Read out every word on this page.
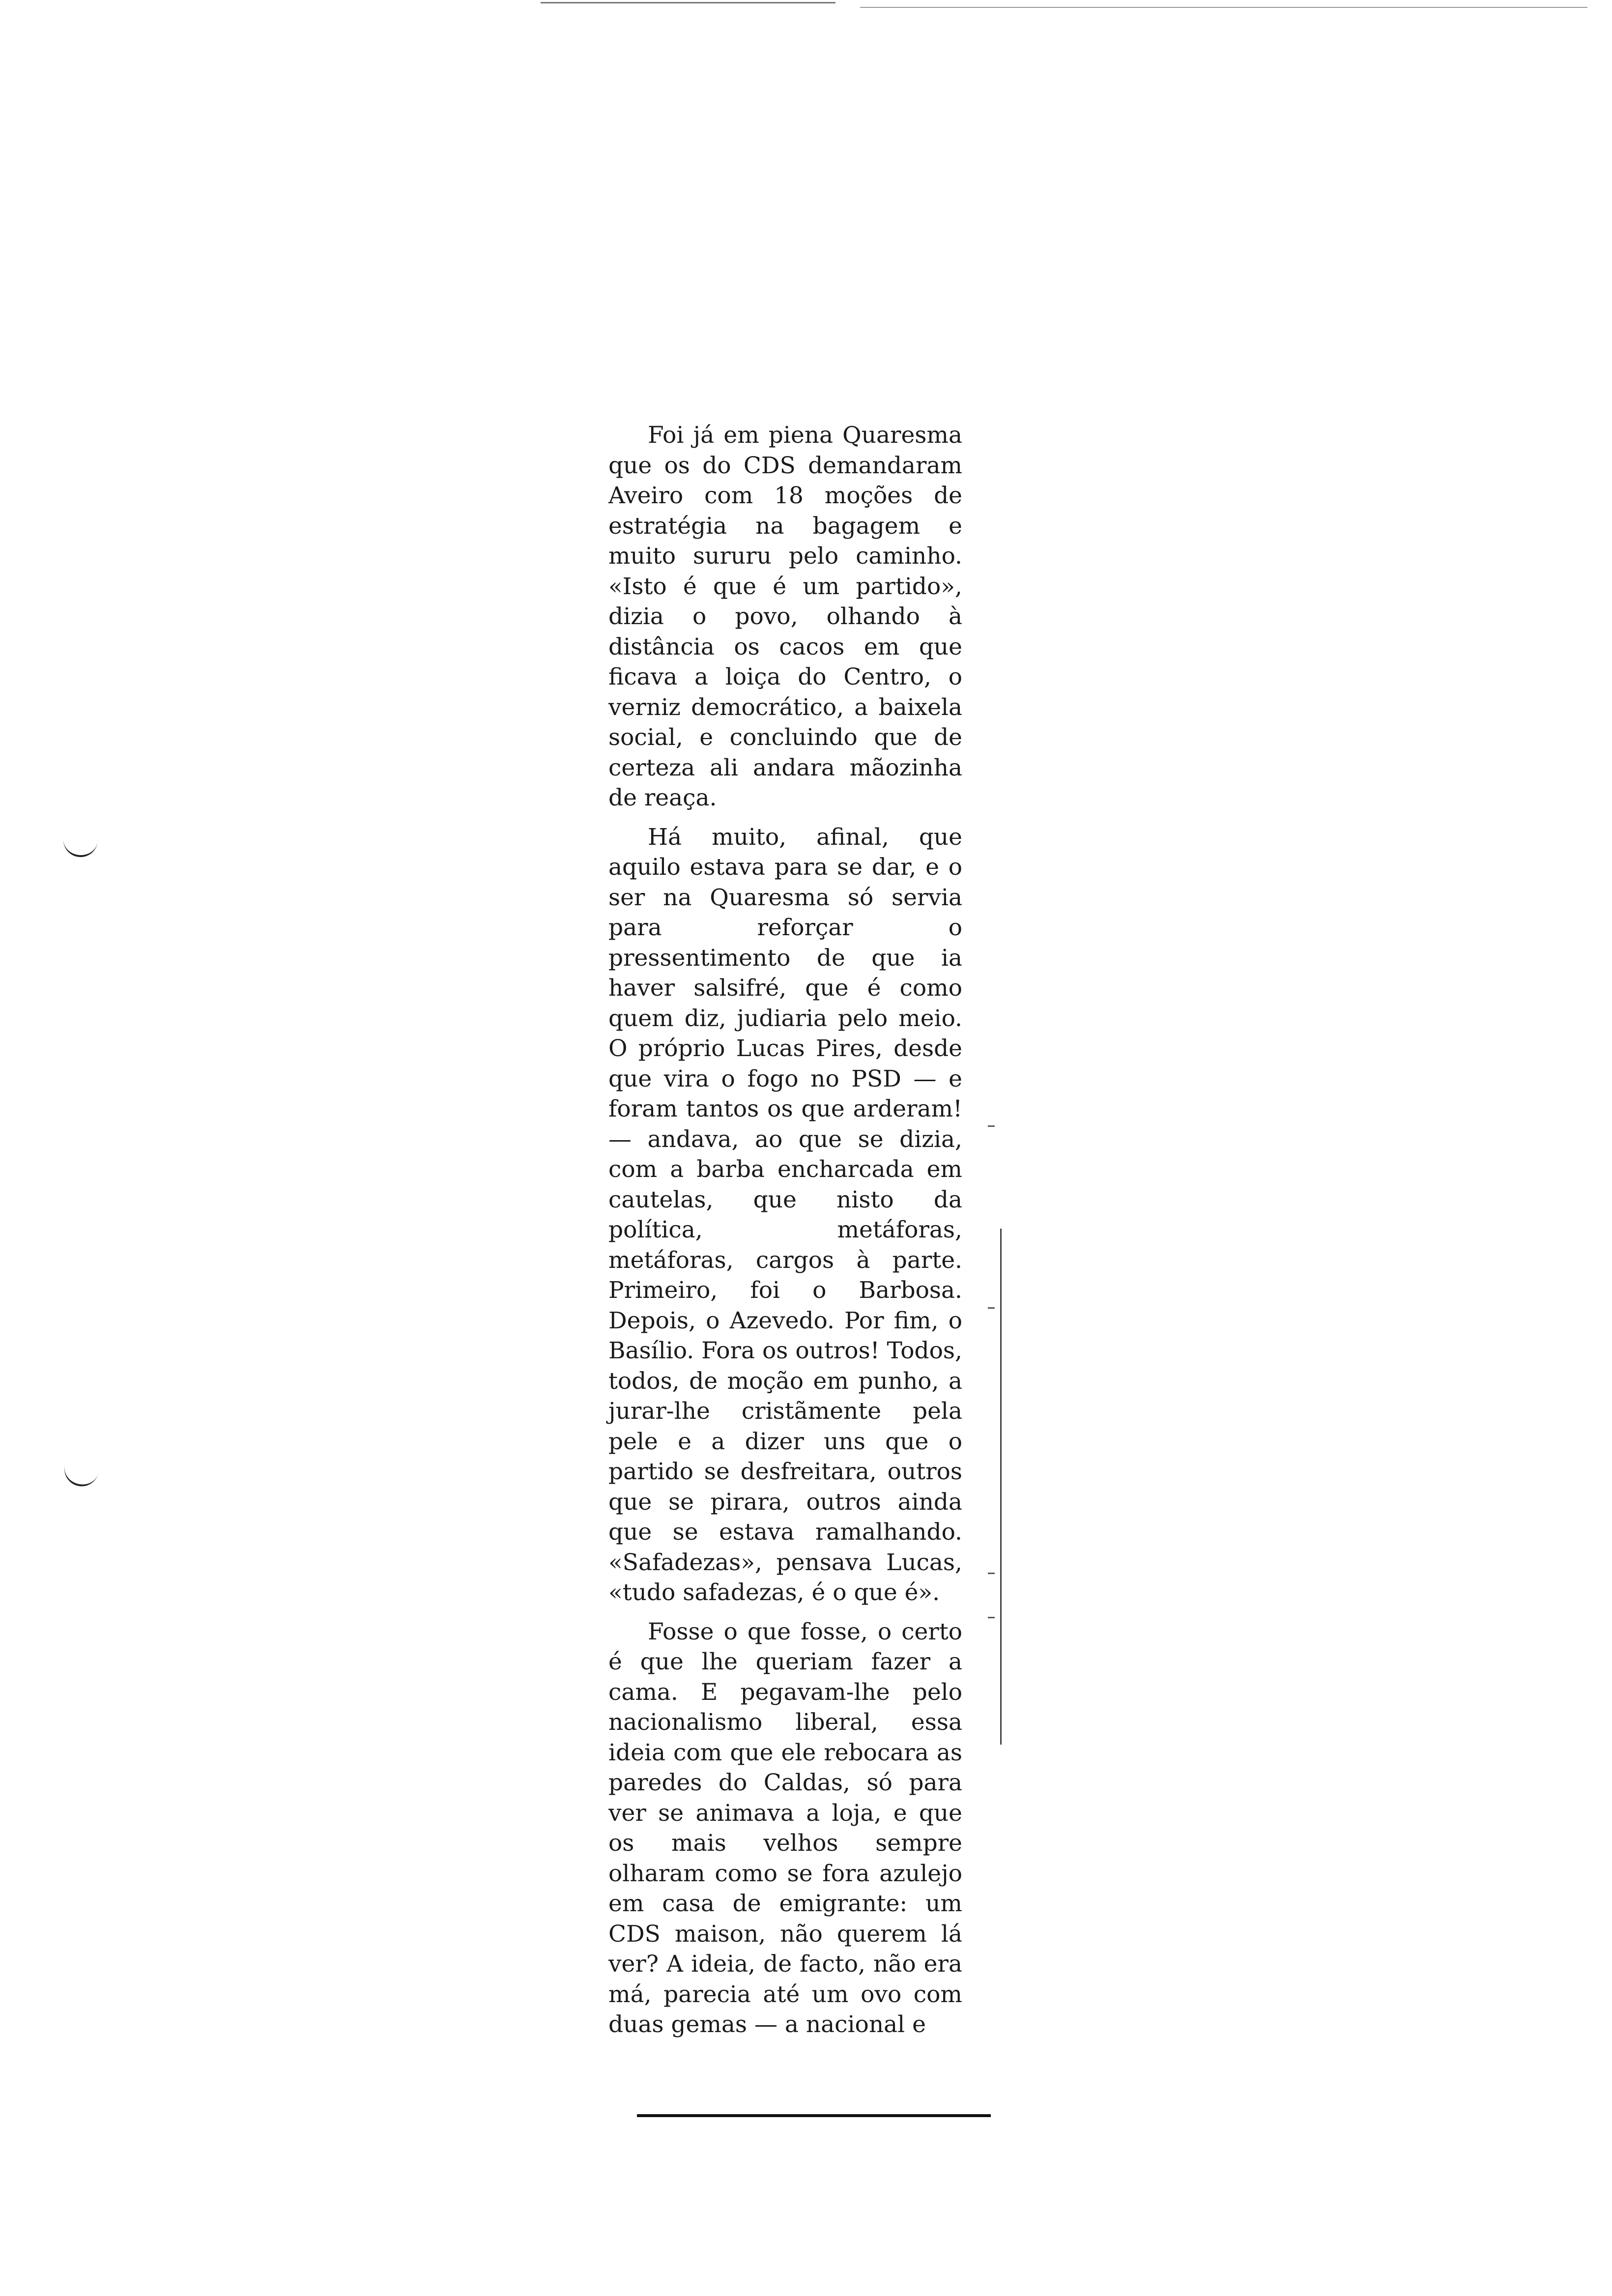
Foi já em piena Quaresma que os do CDS demandaram Aveiro com 18 moções de estratégia na bagagem e muito sururu pelo caminho. «Isto é que é um partido», dizia o povo, olhando à distância os cacos em que ficava a loiça do Centro, o verniz democrático, a baixela social, e concluindo que de certeza ali andara mãozinha de reaça.

Há muito, afinal, que aquilo estava para se dar, e o ser na Quaresma só servia para reforçar o pressentimento de que ia haver salsifré, que é como quem diz, judiaria pelo meio. O próprio Lucas Pires, desde que vira o fogo no PSD — e foram tantos os que arderam! — andava, ao que se dizia, com a barba encharcada em cautelas, que nisto da política, metáforas, metáforas, cargos à parte. Primeiro, foi o Barbosa. Depois, o Azevedo. Por fim, o Basílio. Fora os outros! Todos, todos, de moção em punho, a jurar-lhe cristãmente pela pele e a dizer uns que o partido se desfreitara, outros que se pirara, outros ainda que se estava ramalhando. «Safadezas», pensava Lucas, «tudo safadezas, é o que é».

Fosse o que fosse, o certo é que lhe queriam fazer a cama. E pegavam-lhe pelo nacionalismo liberal, essa ideia com que ele rebocara as paredes do Caldas, só para ver se animava a loja, e que os mais velhos sempre olharam como se fora azulejo em casa de emigrante: um CDS maison, não querem lá ver? A ideia, de facto, não era má, parecia até um ovo com duas gemas — a nacional e
